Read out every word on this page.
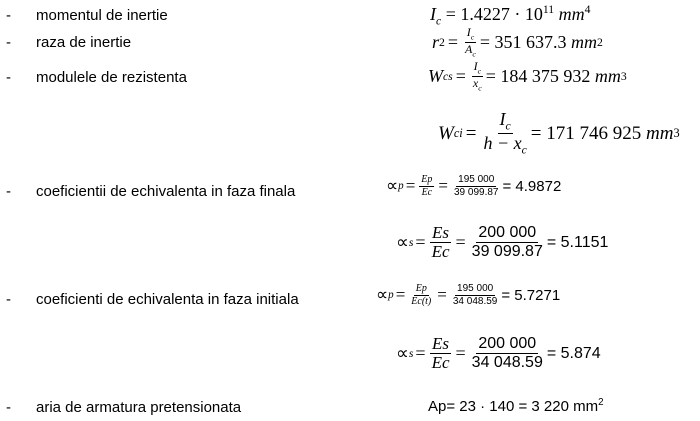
- momentul de inertie
- raza de inertie
- modulele de rezistenta
- coeficientii de echivalenta in faza finala
- coeficienti de echivalenta in faza initiala
- aria de armatura pretensionata
$I_c = 1.4227 \cdot 10^{11}$ $mm^4$
r $2 = \frac{I_c}{A_c} = 351$ 637.3
mm 2
W cs = $\frac{I_c}{x_c} = 184$ 375 932
mm 3
W ci = $\frac{I_c}{h - x_c} = 171$ 746 925
mm 3
∝ $p = \frac{Ep}{Ec} = \frac{195 000}{39 099.87} = 4.9872$
∝ $s = \frac{Es}{Ec} = \frac{200 000}{39 099.87} = 5.1151$
∝ $p = \frac{Ep}{Ec(t)} = \frac{195 000}{34 048.59} = 5.7271$
∝ $s = \frac{Es}{Ec} = \frac{200 000}{34 048.59} = 5.874$
Ap= 23 · 140 = 3 220 $mm^2$
